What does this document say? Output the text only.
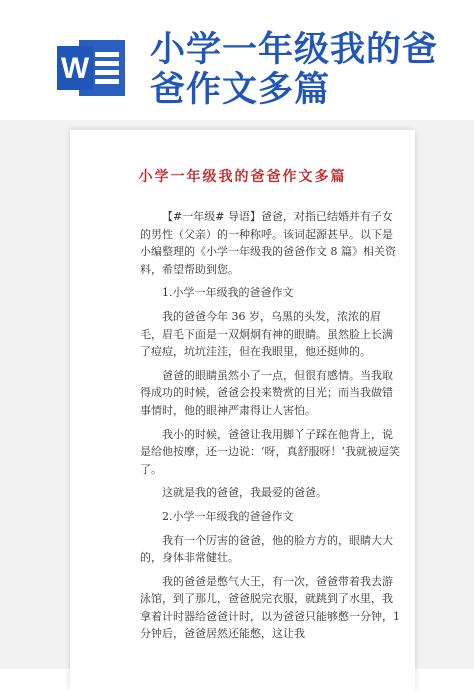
W 小学一年级我的爸
爸作文多篇
小学一年级我的爸爸作文多篇

【#一年级# 导语】爸爸，对指已结婚并有子女的男性（父亲）的一种称呼。该词起源甚早。以下是小编整理的《小学一年级我的爸爸作文 8 篇》相关资料，希望帮助到您。

1.小学一年级我的爸爸作文

我的爸爸今年 36 岁，乌黑的头发，浓浓的眉毛，眉毛下面是一双炯炯有神的眼睛。虽然脸上长满了痘痘，坑坑洼洼，但在我眼里，他还挺帅的。

爸爸的眼睛虽然小了一点，但很有感情。当我取得成功的时候，爸爸会投来赞赏的目光；而当我做错事情时，他的眼神严肃得让人害怕。

我小的时候，爸爸让我用脚丫子踩在他背上，说是给他按摩，还一边说：‘呀，真舒服呀！’我就被逗笑了。

这就是我的爸爸，我最爱的爸爸。

2.小学一年级我的爸爸作文

我有一个厉害的爸爸，他的脸方方的，眼睛大大的，身体非常健壮。

我的爸爸是憋气大王，有一次，爸爸带着我去游泳馆，到了那儿，爸爸脱完衣服，就跳到了水里，我拿着计时器给爸爸计时，以为爸爸只能够憋一分钟，1 分钟后，爸爸居然还能憋，这让我
